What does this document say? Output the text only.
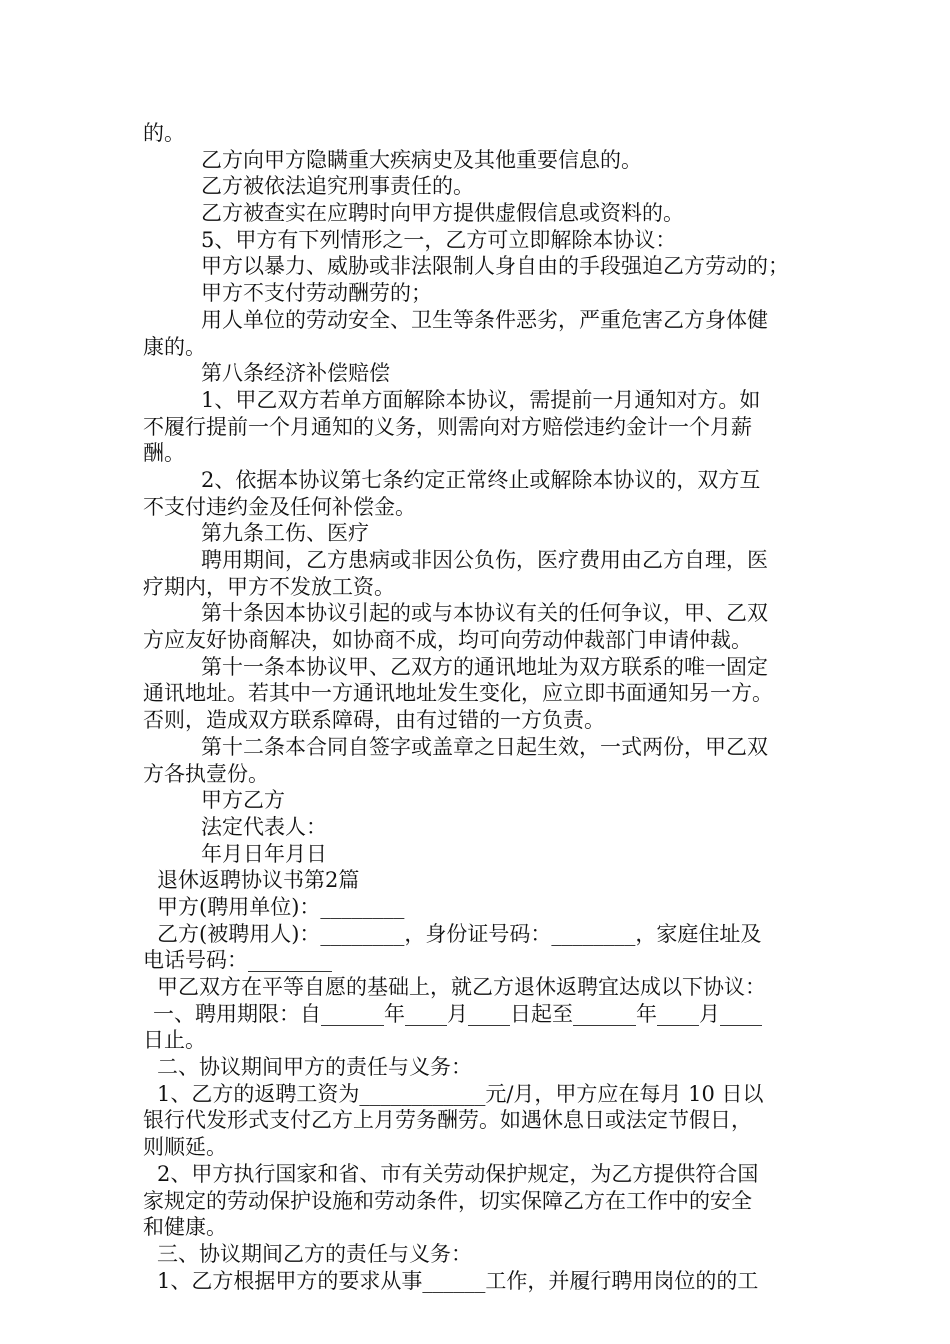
的。
乙方向甲方隐瞒重大疾病史及其他重要信息的。
乙方被依法追究刑事责任的。
乙方被查实在应聘时向甲方提供虚假信息或资料的。
5、甲方有下列情形之一，乙方可立即解除本协议：
甲方以暴力、威胁或非法限制人身自由的手段强迫乙方劳动的；
甲方不支付劳动酬劳的；
用人单位的劳动安全、卫生等条件恶劣，严重危害乙方身体健
康的。
第八条经济补偿赔偿
1、甲乙双方若单方面解除本协议，需提前一月通知对方。如
不履行提前一个月通知的义务，则需向对方赔偿违约金计一个月薪
酬。
2、依据本协议第七条约定正常终止或解除本协议的，双方互
不支付违约金及任何补偿金。
第九条工伤、医疗
聘用期间，乙方患病或非因公负伤，医疗费用由乙方自理，医
疗期内，甲方不发放工资。
第十条因本协议引起的或与本协议有关的任何争议，甲、乙双
方应友好协商解决，如协商不成，均可向劳动仲裁部门申请仲裁。
第十一条本协议甲、乙双方的通讯地址为双方联系的唯一固定
通讯地址。若其中一方通讯地址发生变化，应立即书面通知另一方。
否则，造成双方联系障碍，由有过错的一方负责。
第十二条本合同自签字或盖章之日起生效，一式两份，甲乙双
方各执壹份。
甲方乙方
法定代表人：
年月日年月日
退休返聘协议书第2篇
甲方(聘用单位)：________
乙方(被聘用人)：________，身份证号码：________，家庭住址及
电话号码：________
甲乙双方在平等自愿的基础上，就乙方退休返聘宜达成以下协议：
一、聘用期限：自______年____月____日起至______年____月____
日止。
二、协议期间甲方的责任与义务：
1、乙方的返聘工资为____________元/月，甲方应在每月 10 日以
银行代发形式支付乙方上月劳务酬劳。如遇休息日或法定节假日，
则顺延。
2、甲方执行国家和省、市有关劳动保护规定，为乙方提供符合国
家规定的劳动保护设施和劳动条件，切实保障乙方在工作中的安全
和健康。
三、协议期间乙方的责任与义务：
1、乙方根据甲方的要求从事______工作，并履行聘用岗位的的工
